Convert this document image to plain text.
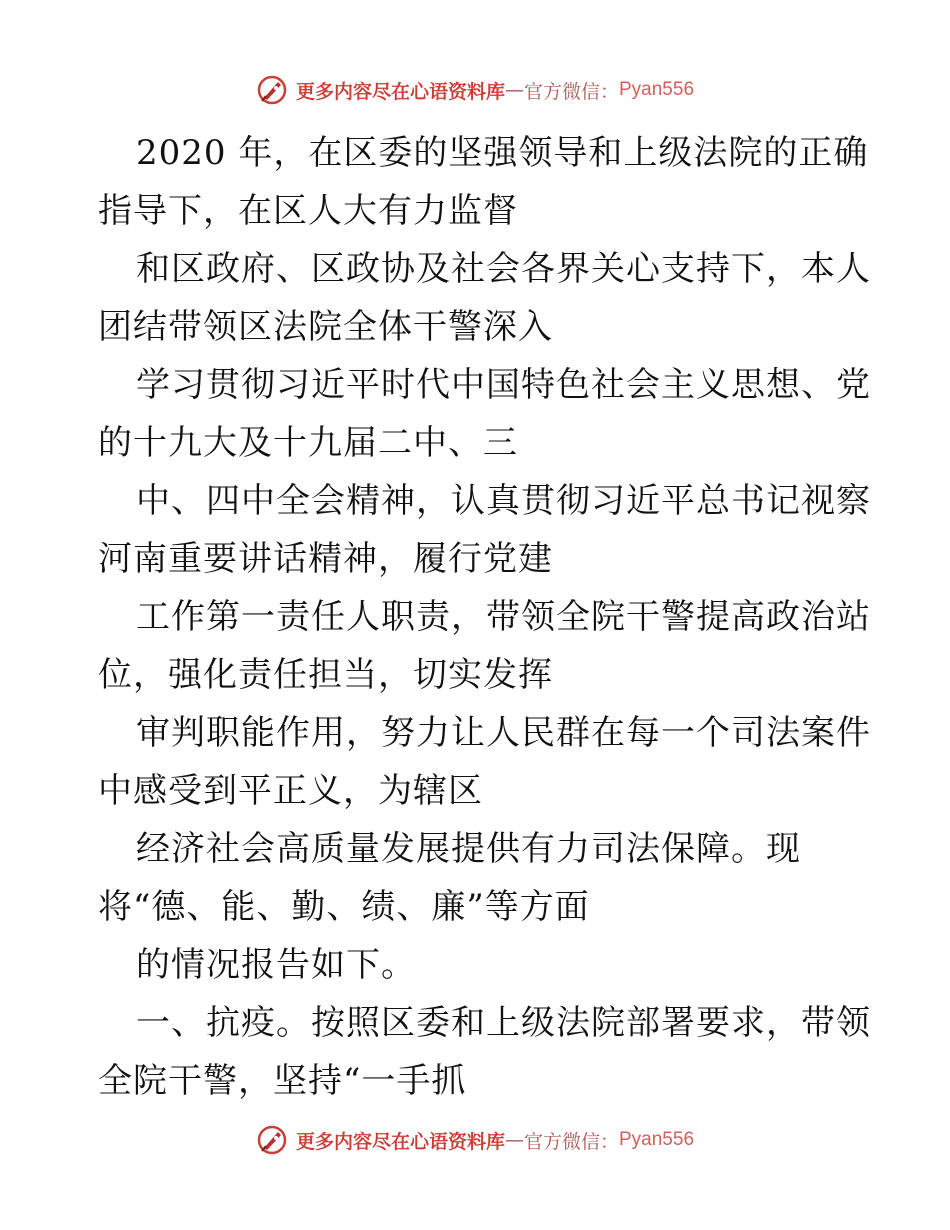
更多内容尽在心语资料库 — 官方微信： Pyan556
2020 年，在区委的坚强领导和上级法院的正确
指导下，在区人大有力监督
和区政府、区政协及社会各界关心支持下，本人
团结带领区法院全体干警深入
学习贯彻习近平时代中国特色社会主义思想、党
的十九大及十九届二中、三
中、四中全会精神，认真贯彻习近平总书记视察
河南重要讲话精神，履行党建
工作第一责任人职责，带领全院干警提高政治站
位，强化责任担当，切实发挥
审判职能作用，努力让人民群在每一个司法案件
中感受到平正义，为辖区
经济社会高质量发展提供有力司法保障。现
将“德、能、勤、绩、廉”等方面
的情况报告如下。
一、抗疫。按照区委和上级法院部署要求，带领
全院干警，坚持“一手抓
更多内容尽在心语资料库 — 官方微信： Pyan556
